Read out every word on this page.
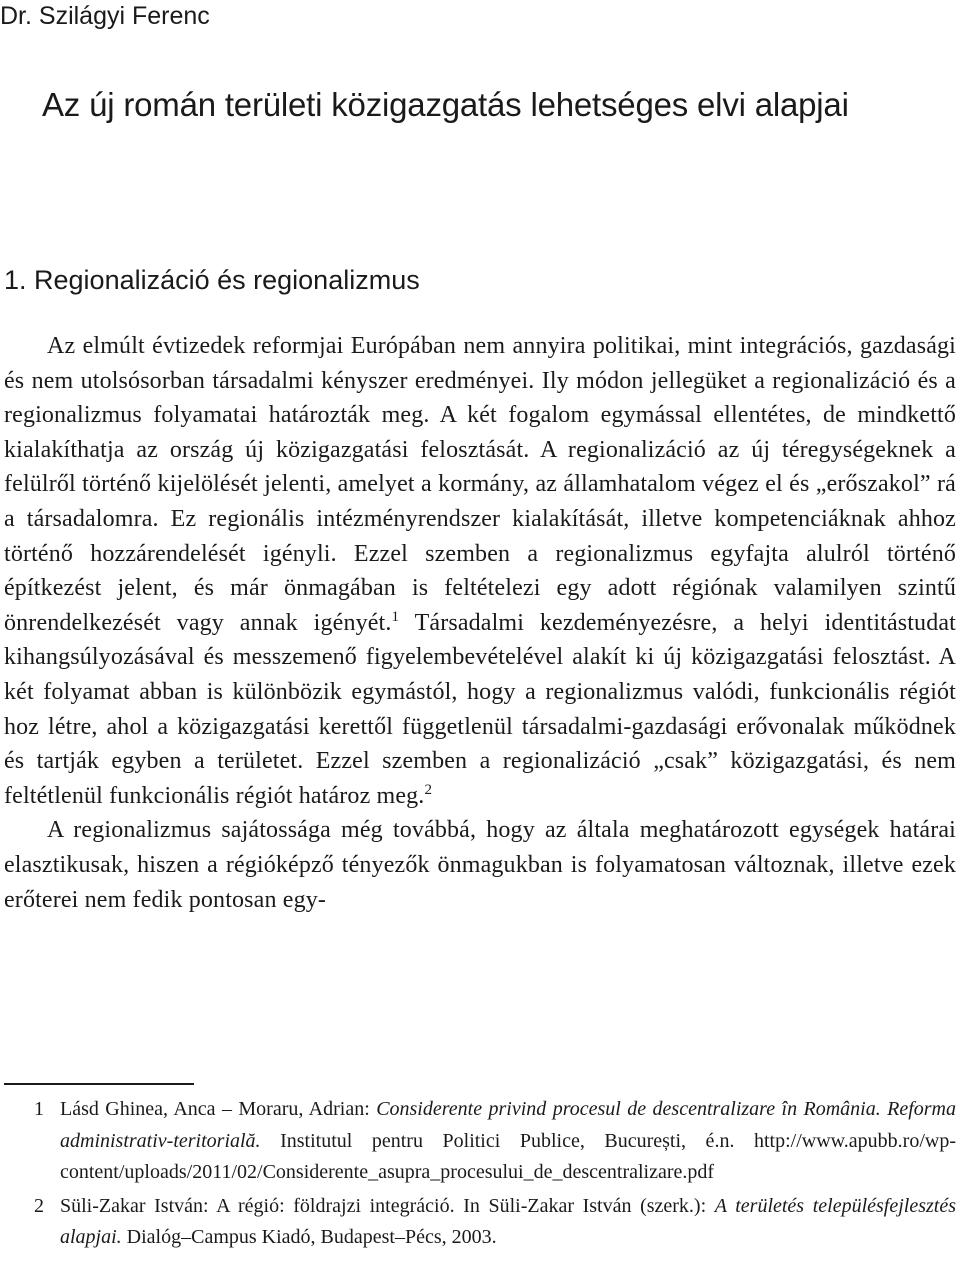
Dr. Szilágyi Ferenc
Az új román területi közigazgatás lehetséges elvi alapjai
1. Regionalizáció és regionalizmus

Az elmúlt évtizedek reformjai Európában nem annyira politikai, mint integrációs, gazdasági és nem utolsósorban társadalmi kényszer eredményei. Ily módon jellegüket a regionalizáció és a regionalizmus folyamatai határozták meg. A két fogalom egymással ellentétes, de mindkettő kialakíthatja az ország új közigazgatási felosztását. A regionalizáció az új téregységeknek a felülről történő kijelölését jelenti, amelyet a kormány, az államhatalom végez el és „erőszakol” rá a társadalomra. Ez regionális intézményrendszer kialakítását, illetve kompetenciáknak ahhoz történő hozzárendelését igényli. Ezzel szemben a regionalizmus egyfajta alulról történő építkezést jelent, és már önmagában is feltételezi egy adott régiónak valamilyen szintű önrendelkezését vagy annak igényét.$^1$ Társadalmi kezdeményezésre, a helyi identitástudat kihangsúlyozásával és messzemenő figyelembevételével alakít ki új közigazgatási felosztást. A két folyamat abban is különbözik egymástól, hogy a regionalizmus valódi, funkcionális régiót hoz létre, ahol a közigazgatási kerettől függetlenül társadalmi-gazdasági erővonalak működnek és tartják egyben a területet. Ezzel szemben a regionalizáció „csak” közigazgatási, és nem feltétlenül funkcionális régiót határoz meg.$^2$

A regionalizmus sajátossága még továbbá, hogy az általa meghatározott egységek határai elasztikusak, hiszen a régióképző tényezők önmagukban is folyamatosan változnak, illetve ezek erőterei nem fedik pontosan egy-

1 Lásd Ghinea, Anca – Moraru, Adrian: Considerente privind procesul de descentralizare în România. Reforma administrativ-teritorială. Institutul pentru Politici Publice, București, é.n. http://www.apubb.ro/wp-content/uploads/2011/02/Considerente_asupra_procesului_de_descentralizare.pdf
2 Süli-Zakar István: A régió: földrajzi integráció. In Süli-Zakar István (szerk.): A területés településfejlesztés alapjai. Dialóg–Campus Kiadó, Budapest–Pécs, 2003.
